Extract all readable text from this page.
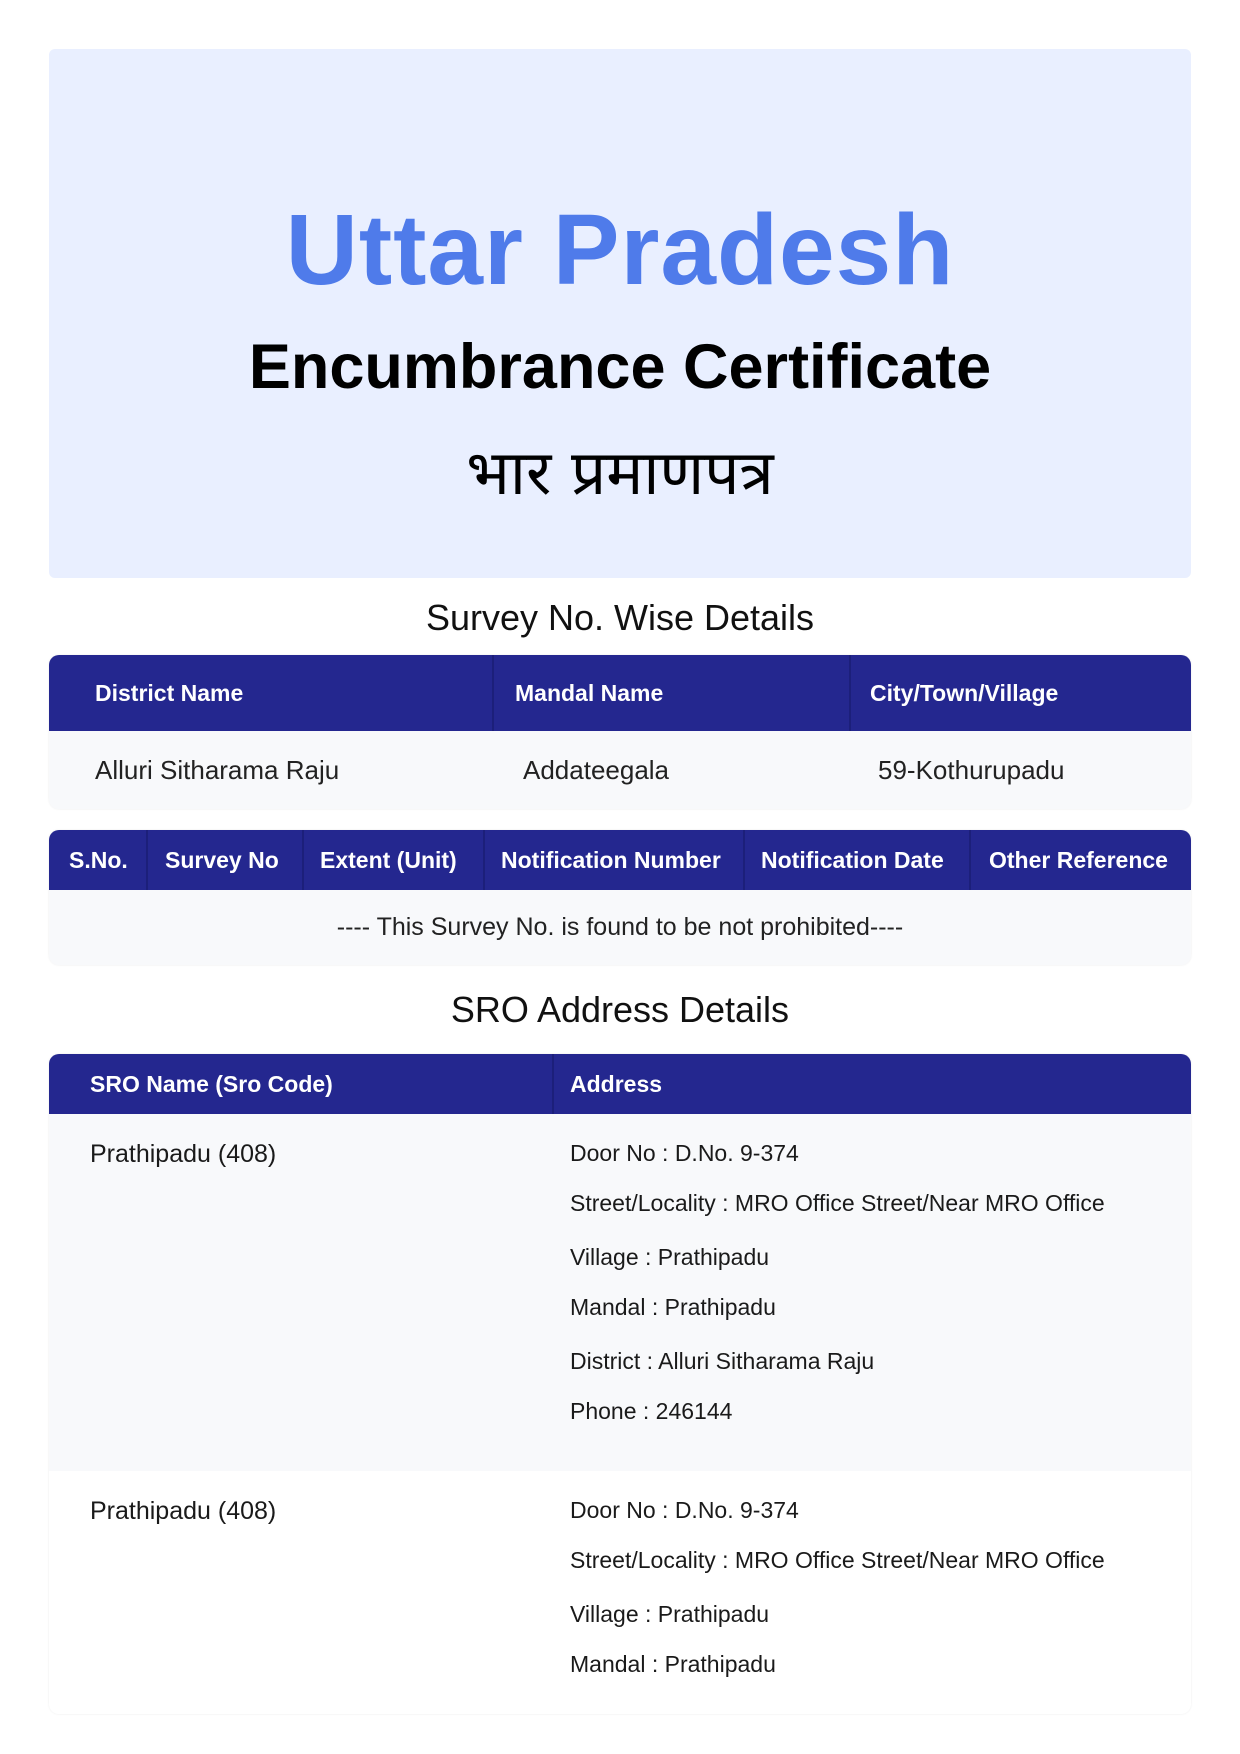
Uttar Pradesh
Encumbrance Certificate
भार प्रमाणपत्र
Survey No. Wise Details
District Name	Mandal Name	City/Town/Village
Alluri Sitharama Raju	Addateegala	59-Kothurupadu
S.No.	Survey No	Extent (Unit)	Notification Number	Notification Date	Other Reference
---- This Survey No. is found to be not prohibited----
SRO Address Details
SRO Name (Sro Code)	Address
Prathipadu (408)	Door No : D.No. 9-374
Street/Locality : MRO Office Street/Near MRO Office
Village : Prathipadu
Mandal : Prathipadu
District : Alluri Sitharama Raju
Phone : 246144
Prathipadu (408)	Door No : D.No. 9-374
Street/Locality : MRO Office Street/Near MRO Office
Village : Prathipadu
Mandal : Prathipadu
